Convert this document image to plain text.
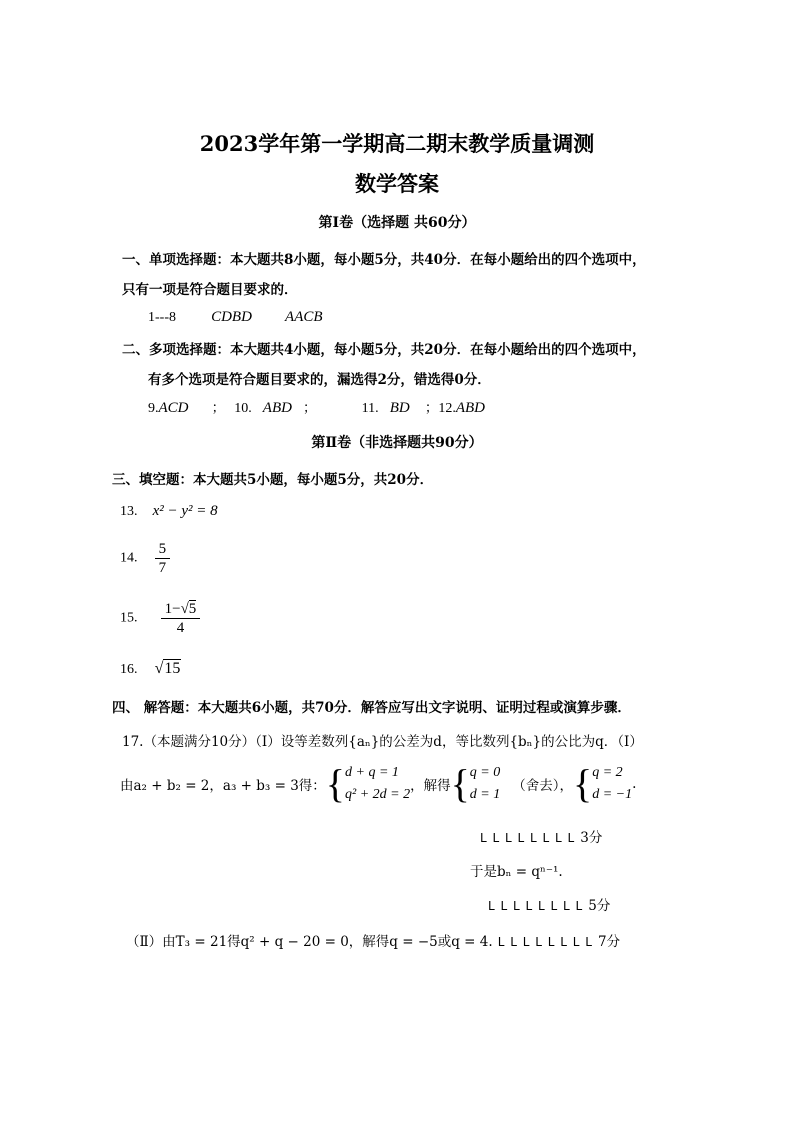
2023学年第一学期高二期末教学质量调测
数学答案
第Ⅰ卷（选择题 共60分）
一、单项选择题：本大题共8小题，每小题5分，共40分．在每小题给出的四个选项中，
只有一项是符合题目要求的．
1---8 CDBD AACB
二、多项选择题：本大题共4小题，每小题5分，共20分．在每小题给出的四个选项中，
有多个选项是符合题目要求的，漏选得2分，错选得0分．
9.ACD ； 10. ABD ；	11. BD ；12.ABD
第Ⅱ卷（非选择题共90分）
三、填空题：本大题共5小题，每小题5分，共20分．
13. x² − y² = 8
14. $\frac{5}{7}$
15. $\frac{1-√5}{4}$
16. √15
四、 解答题：本大题共6小题，共70分．解答应写出文字说明、证明过程或演算步骤．
17.（本题满分10分）（Ⅰ）设等差数列{aₙ}的公差为d，等比数列{bₙ}的公比为q．（Ⅰ）
由a₂ + b₂ = 2，a₃ + b₃ = 3得： { d + q = 1
q² + 2d = 2
，解得 { q = 0
d = 1
（舍去）， { q = 2
d = −1
.
L L L L L L L L 3分
于是bₙ = qⁿ⁻¹.
L L L L L L L L 5分
（Ⅱ）由T₃ = 21得q² + q − 20 = 0，解得q = −5或q = 4. L L L L L L L L 7分
